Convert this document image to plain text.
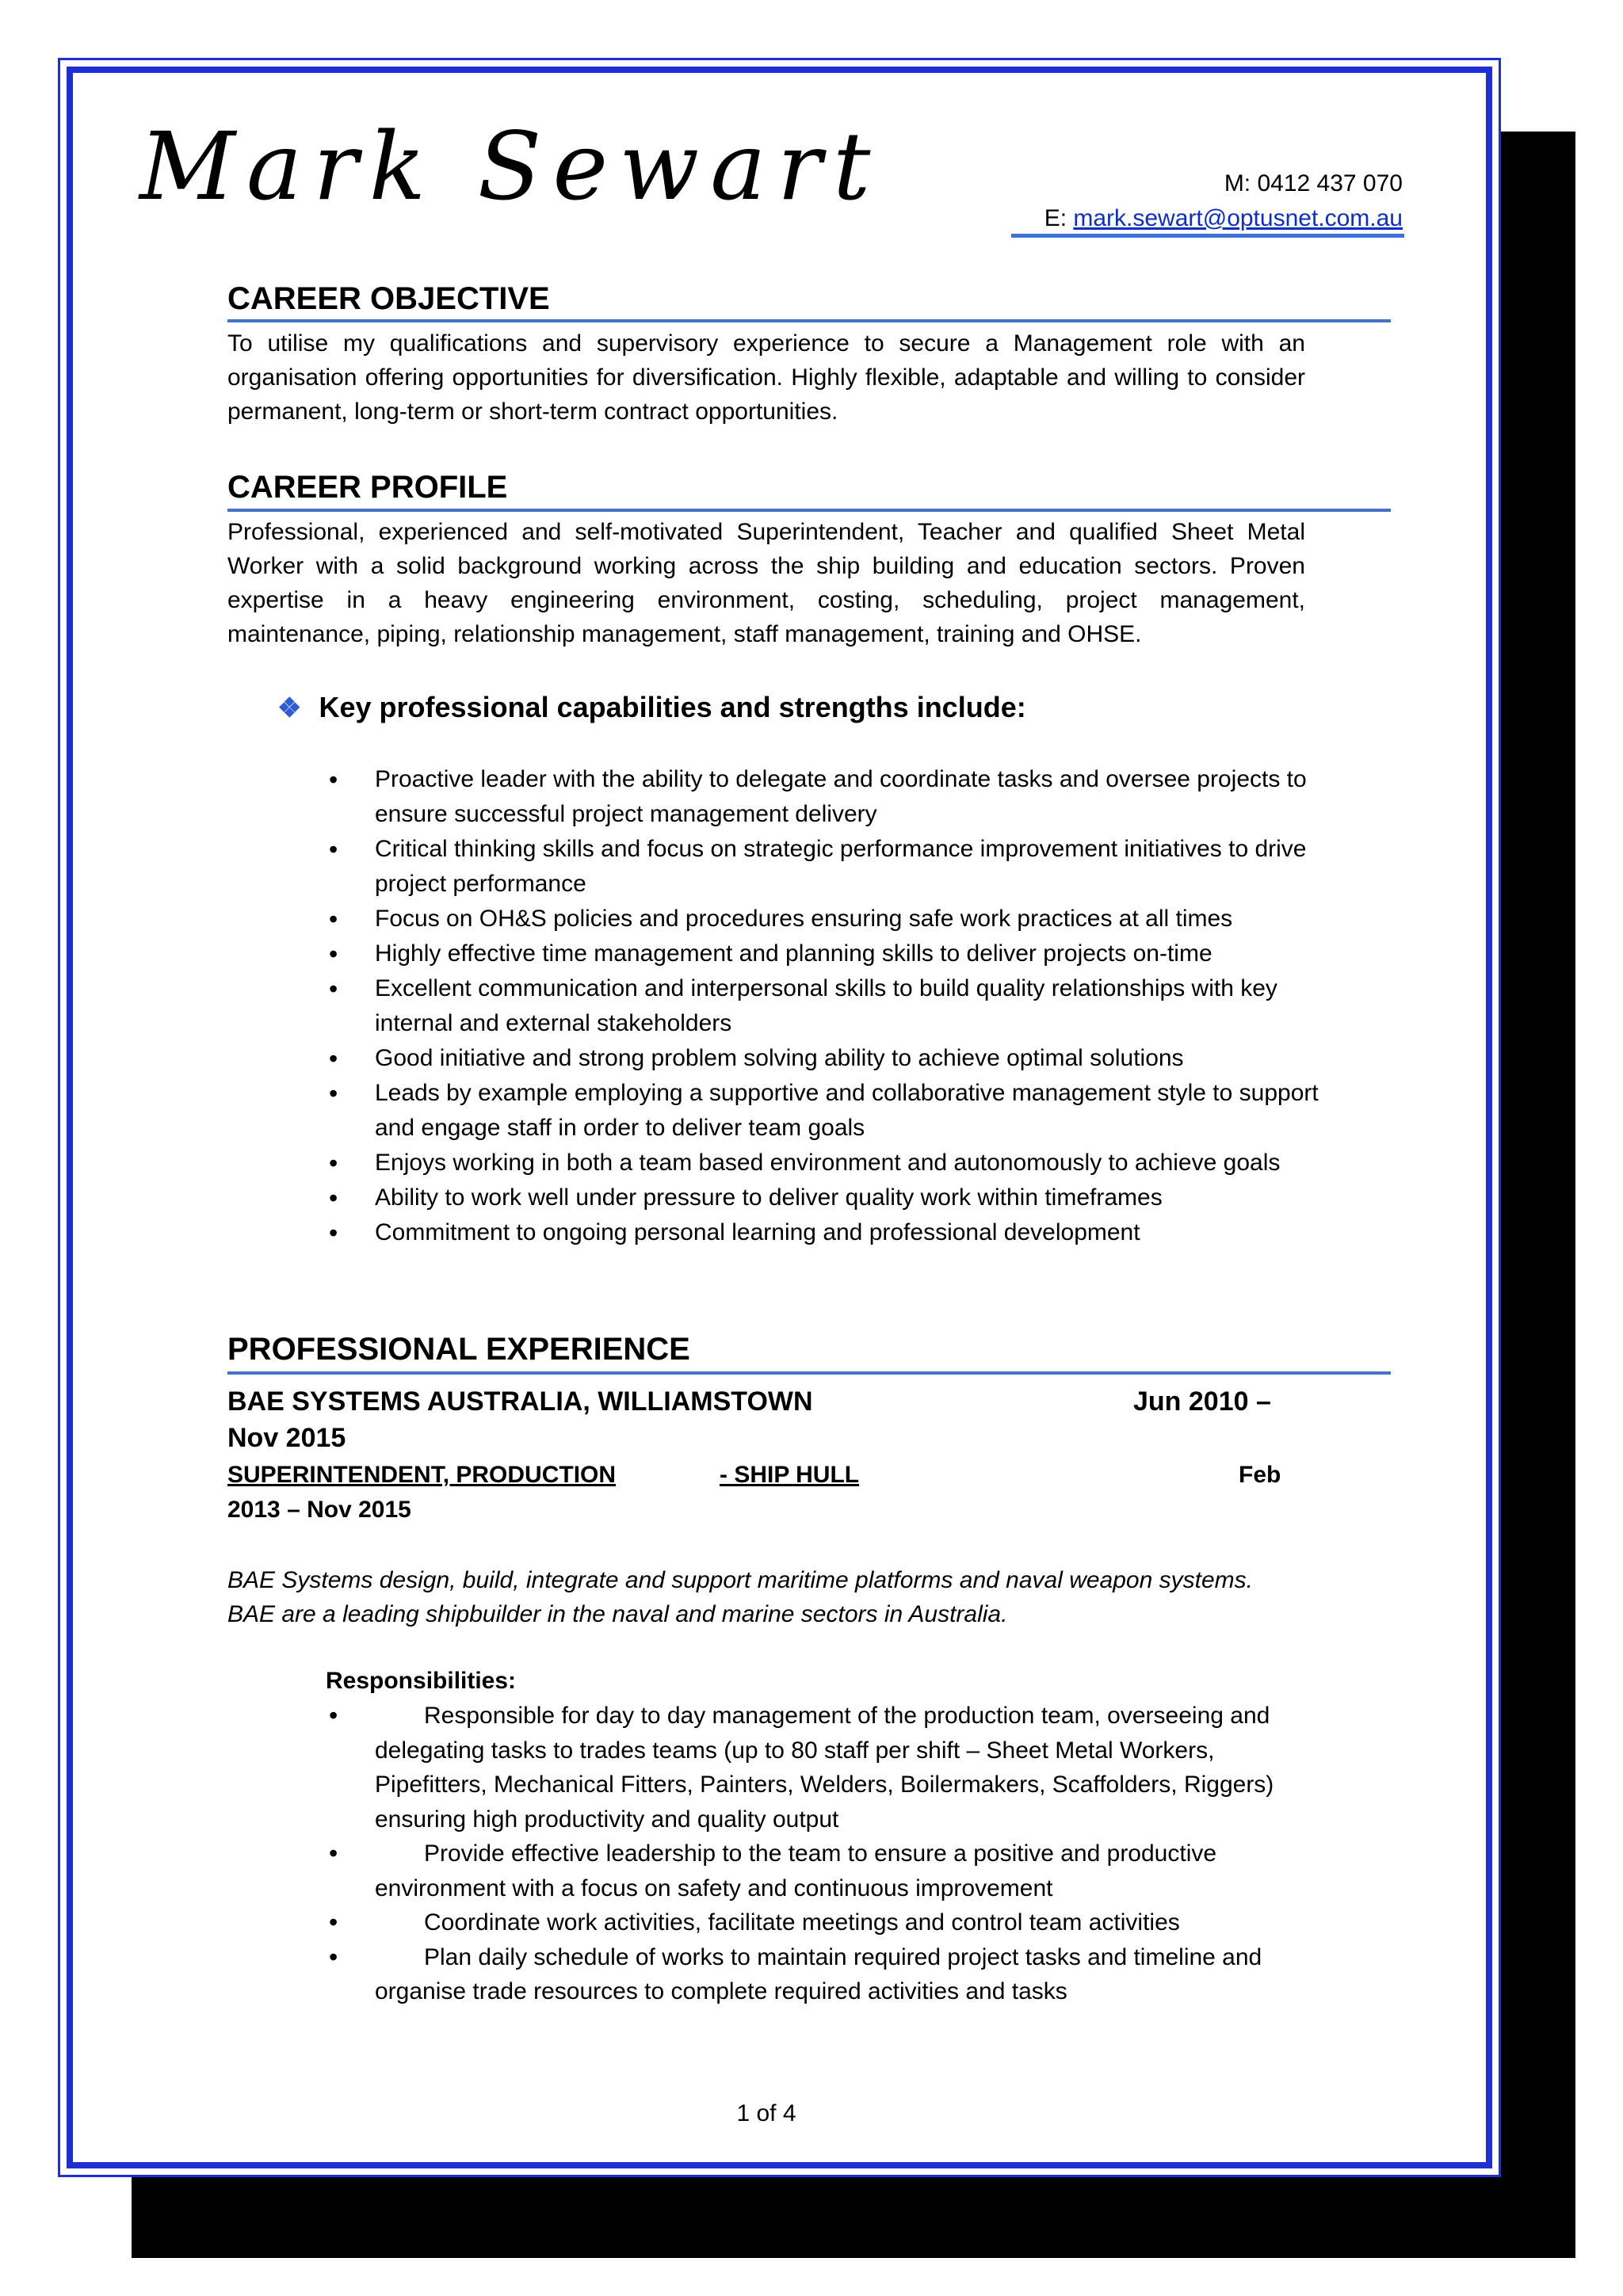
Mark Sewart	M: 0412 437 070
E: mark.sewart@optusnet.com.au
CAREER OBJECTIVE
To utilise my qualifications and supervisory experience to secure a Management role with an organisation offering opportunities for diversification. Highly flexible, adaptable and willing to consider permanent, long-term or short-term contract opportunities.
CAREER PROFILE
Professional, experienced and self-motivated Superintendent, Teacher and qualified Sheet Metal Worker with a solid background working across the ship building and education sectors. Proven expertise in a heavy engineering environment, costing, scheduling, project management, maintenance, piping, relationship management, staff management, training and OHSE.
❖ Key professional capabilities and strengths include:
• Proactive leader with the ability to delegate and coordinate tasks and oversee projects to ensure successful project management delivery
• Critical thinking skills and focus on strategic performance improvement initiatives to drive project performance
• Focus on OH&S policies and procedures ensuring safe work practices at all times
• Highly effective time management and planning skills to deliver projects on-time
• Excellent communication and interpersonal skills to build quality relationships with key internal and external stakeholders
• Good initiative and strong problem solving ability to achieve optimal solutions
• Leads by example employing a supportive and collaborative management style to support and engage staff in order to deliver team goals
• Enjoys working in both a team based environment and autonomously to achieve goals
• Ability to work well under pressure to deliver quality work within timeframes
• Commitment to ongoing personal learning and professional development
PROFESSIONAL EXPERIENCE
BAE SYSTEMS AUSTRALIA, WILLIAMSTOWN	Jun 2010 –
Nov 2015
SUPERINTENDENT, PRODUCTION	- SHIP HULL	Feb
2013 – Nov 2015
BAE Systems design, build, integrate and support maritime platforms and naval weapon systems.
BAE are a leading shipbuilder in the naval and marine sectors in Australia.
Responsibilities:
• Responsible for day to day management of the production team, overseeing and delegating tasks to trades teams (up to 80 staff per shift – Sheet Metal Workers, Pipefitters, Mechanical Fitters, Painters, Welders, Boilermakers, Scaffolders, Riggers) ensuring high productivity and quality output
• Provide effective leadership to the team to ensure a positive and productive environment with a focus on safety and continuous improvement
• Coordinate work activities, facilitate meetings and control team activities
• Plan daily schedule of works to maintain required project tasks and timeline and organise trade resources to complete required activities and tasks
1 of 4
